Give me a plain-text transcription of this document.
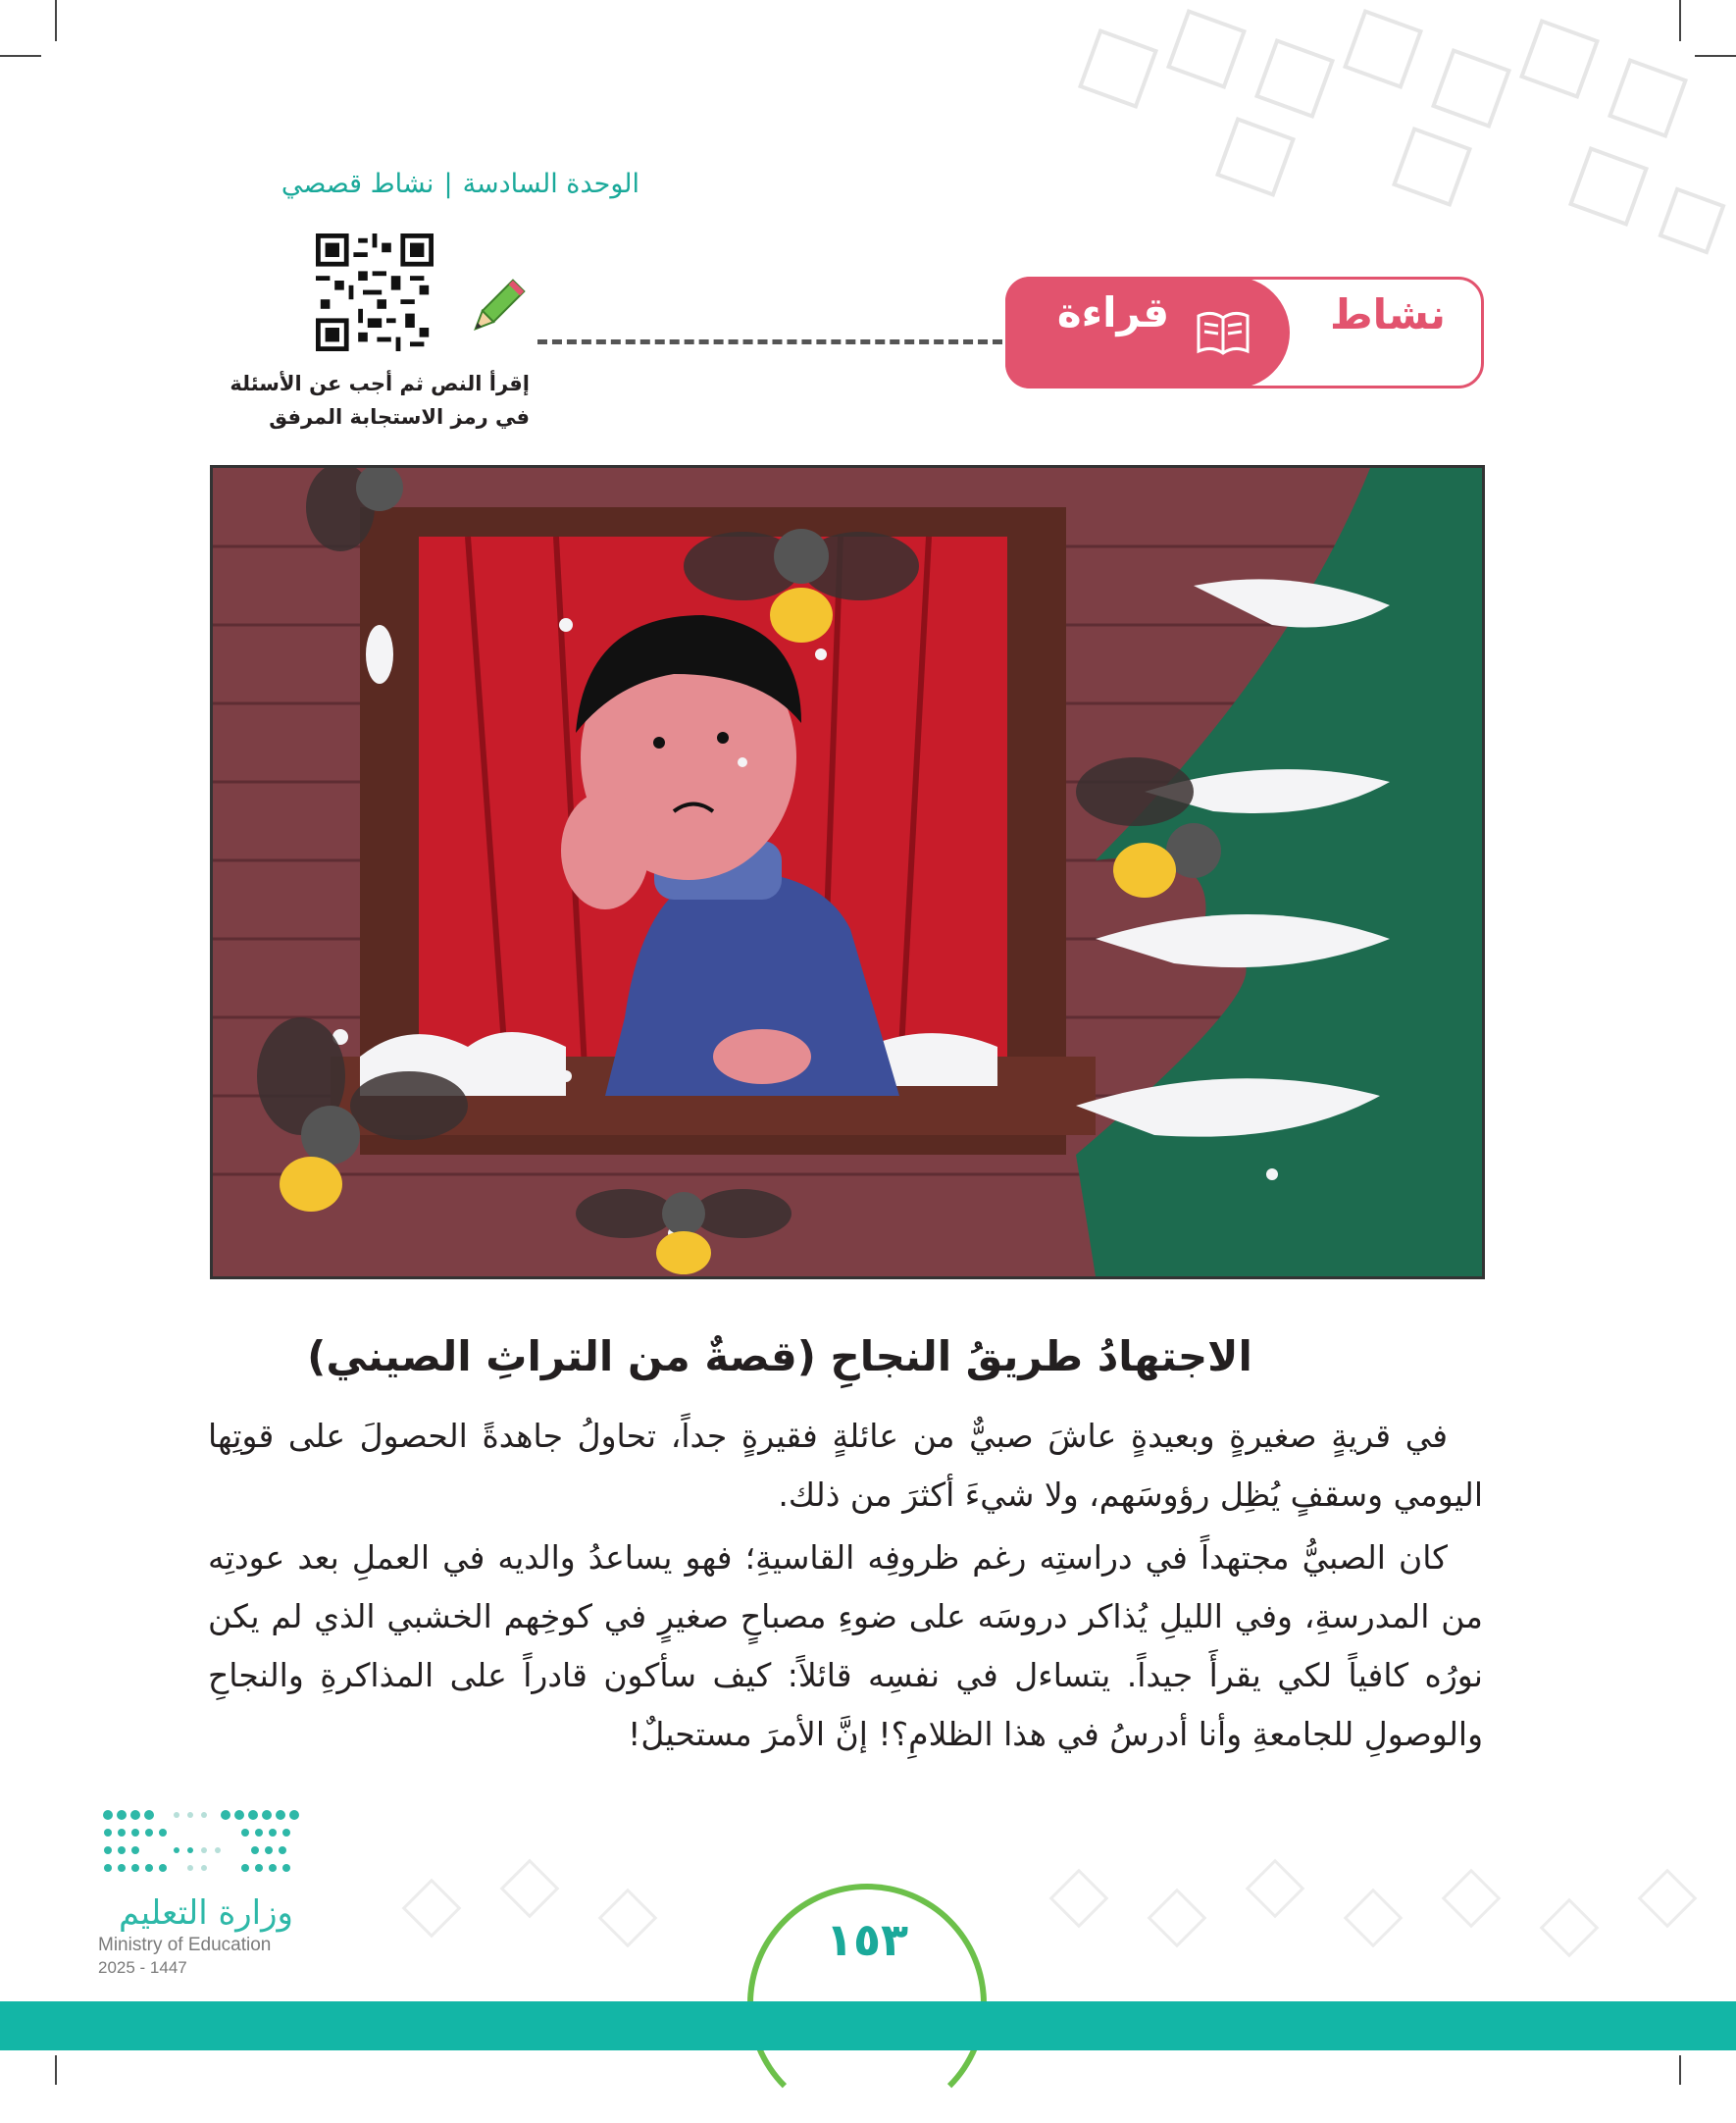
الوحدة السادسة|نشاط قصصي
إقرأ النص ثم أجب عن الأسئلة
في رمز الاستجابة المرفق
نشاط
قراءة
الاجتهادُ طريقُ النجاحِ (قصةٌ من التراثِ الصيني)

في قريةٍ صغيرةٍ وبعيدةٍ عاشَ صبيٌّ من عائلةٍ فقيرةٍ جداً، تحاولُ جاهدةً الحصولَ على قوتِها اليومي وسقفٍ يُظِل رؤوسَهم، ولا شيءَ أكثرَ من ذلك.

كان الصبيُّ مجتهداً في دراستِه رغم ظروفِه القاسيةِ؛ فهو يساعدُ والديه في العملِ بعد عودتِه من المدرسةِ، وفي الليلِ يُذاكر دروسَه على ضوءِ مصباحٍ صغيرٍ في كوخِهم الخشبي الذي لم يكن نورُه كافياً لكي يقرأَ جيداً. يتساءل في نفسِه قائلاً: كيف سأكون قادراً على المذاكرةِ والنجاحِ والوصولِ للجامعةِ وأنا أدرسُ في هذا الظلامِ؟! إنَّ الأمرَ مستحيلٌ!

وزارة التعليم
Ministry of Education
2025 - 1447
١٥٣
